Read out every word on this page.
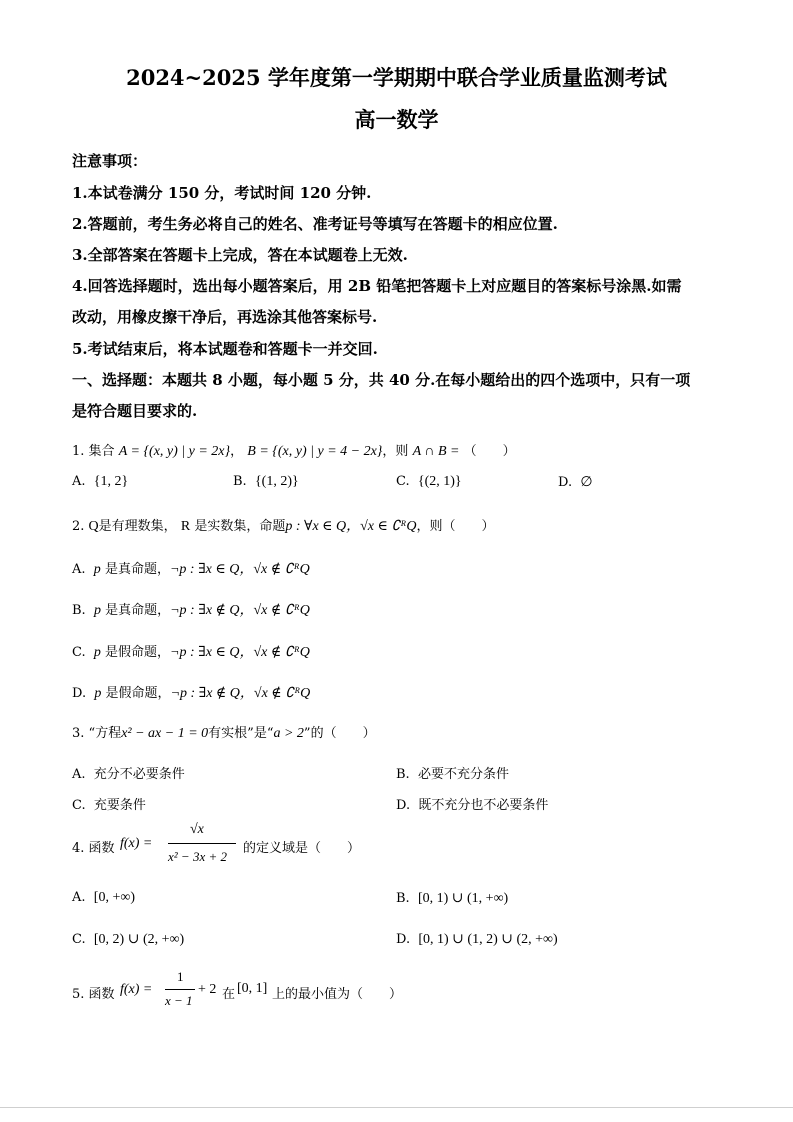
2024~2025 学年度第一学期期中联合学业质量监测考试
高一数学
注意事项：
1.本试卷满分 150 分，考试时间 120 分钟.
2.答题前，考生务必将自己的姓名、准考证号等填写在答题卡的相应位置.
3.全部答案在答题卡上完成，答在本试题卷上无效.
4.回答选择题时，选出每小题答案后，用 2B 铅笔把答题卡上对应题目的答案标号涂黑.如需
改动，用橡皮擦干净后，再选涂其他答案标号.
5.考试结束后，将本试题卷和答题卡一并交回.
一、选择题：本题共 8 小题，每小题 5 分，共 40 分.在每小题给出的四个选项中，只有一项
是符合题目要求的.
1. 集合 A = {(x, y) | y = 2x}， B = {(x, y) | y = 4 − 2x}，则 A ∩ B = （　　）
A. {1, 2}	B. {(1, 2)}	C. {(2, 1)}	D. ∅
2. Q是有理数集， R 是实数集，命题p : ∀x ∈ Q，√x ∈ ∁ᴿQ，则（　　）
A. p 是真命题，¬p : ∃x ∈ Q，√x ∉ ∁ᴿQ
B. p 是真命题，¬p : ∃x ∉ Q，√x ∉ ∁ᴿQ
C. p 是假命题，¬p : ∃x ∈ Q，√x ∉ ∁ᴿQ
D. p 是假命题，¬p : ∃x ∉ Q，√x ∉ ∁ᴿQ
3. “方程x² − ax − 1 = 0有实根”是“a > 2”的（　　）
A. 充分不必要条件	B. 必要不充分条件
C. 充要条件	D. 既不充分也不必要条件
4. 函数 f(x) =
√x
x² − 3x + 2
的定义域是（　　）
A. [0, +∞)	B. [0, 1) ∪ (1, +∞)
C. [0, 2) ∪ (2, +∞)	D. [0, 1) ∪ (1, 2) ∪ (2, +∞)
5. 函数 f(x) =
1
x − 1
+ 2 在 [0, 1] 上的最小值为（　　）
